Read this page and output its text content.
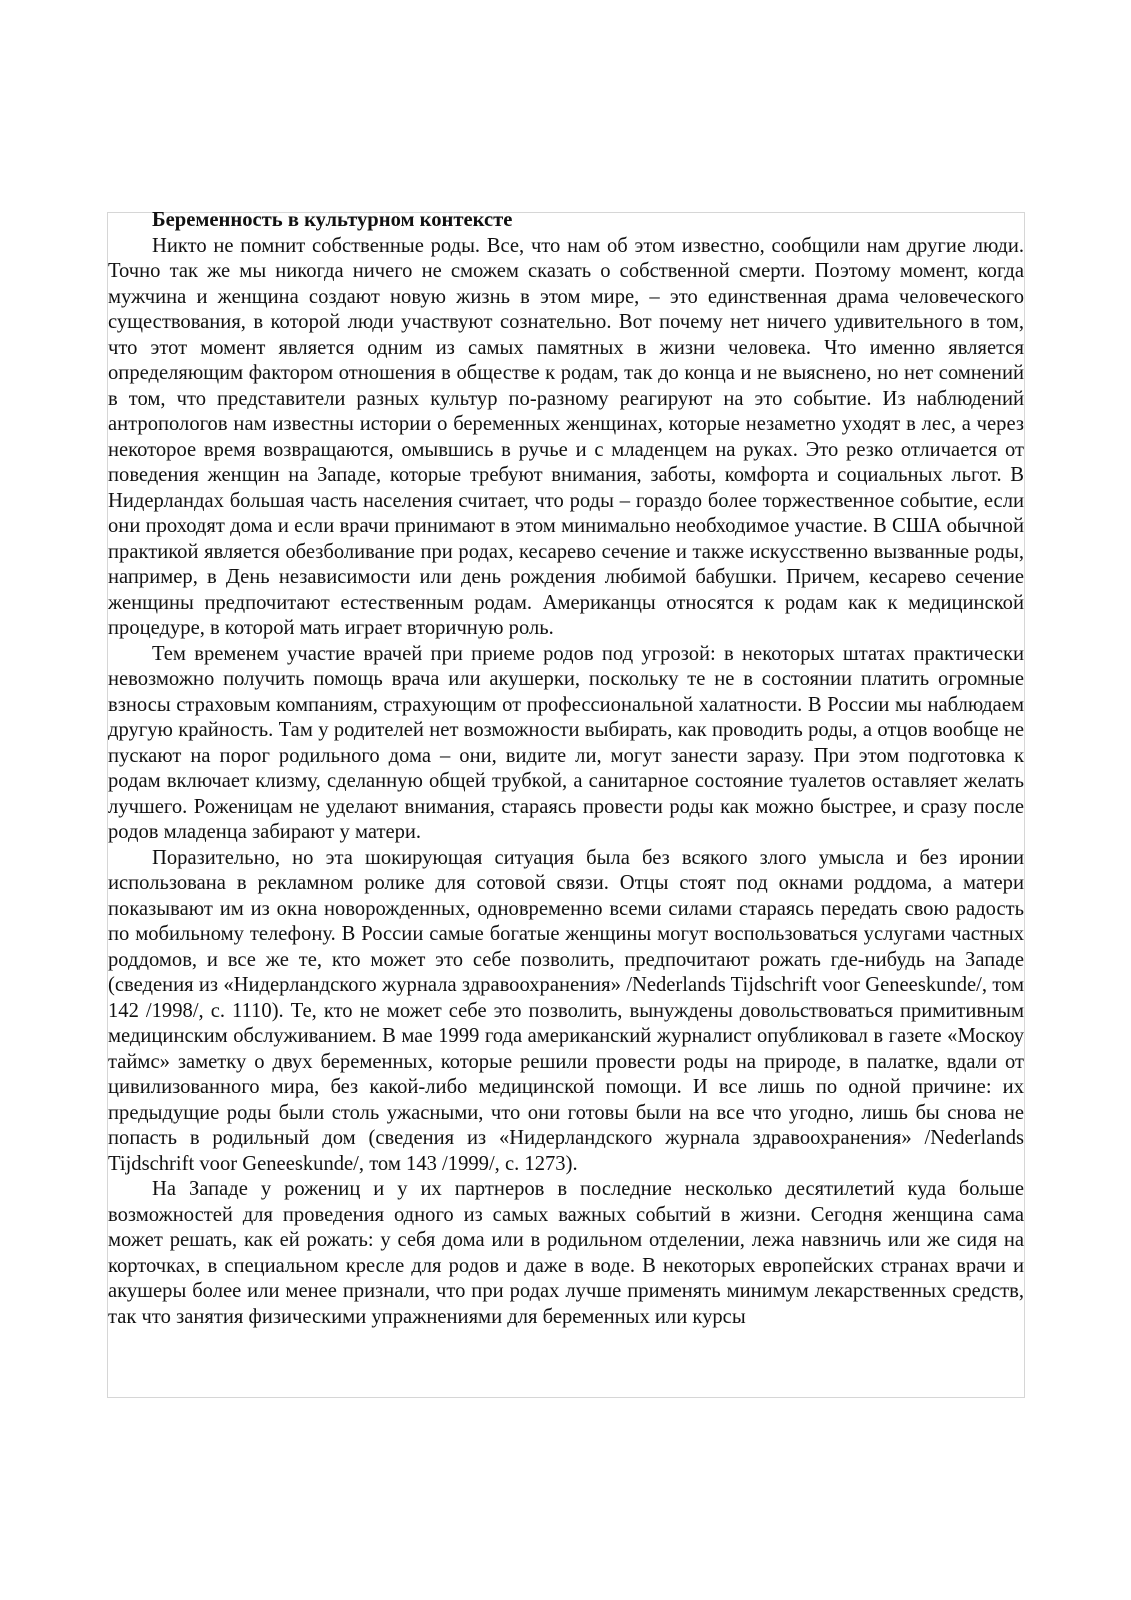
Беременность в культурном контексте

Никто не помнит собственные роды. Все, что нам об этом известно, сообщили нам другие люди. Точно так же мы никогда ничего не сможем сказать о собственной смерти. Поэтому момент, когда мужчина и женщина создают новую жизнь в этом мире, – это единственная драма человеческого существования, в которой люди участвуют сознательно. Вот почему нет ничего удивительного в том, что этот момент является одним из самых памятных в жизни человека. Что именно является определяющим фактором отношения в обществе к родам, так до конца и не выяснено, но нет сомнений в том, что представители разных культур по-разному реагируют на это событие. Из наблюдений антропологов нам известны истории о беременных женщинах, которые незаметно уходят в лес, а через некоторое время возвращаются, омывшись в ручье и с младенцем на руках. Это резко отличается от поведения женщин на Западе, которые требуют внимания, заботы, комфорта и социальных льгот. В Нидерландах большая часть населения считает, что роды – гораздо более торжественное событие, если они проходят дома и если врачи принимают в этом минимально необходимое участие. В США обычной практикой является обезболивание при родах, кесарево сечение и также искусственно вызванные роды, например, в День независимости или день рождения любимой бабушки. Причем, кесарево сечение женщины предпочитают естественным родам. Американцы относятся к родам как к медицинской процедуре, в которой мать играет вторичную роль.

Тем временем участие врачей при приеме родов под угрозой: в некоторых штатах практически невозможно получить помощь врача или акушерки, поскольку те не в состоянии платить огромные взносы страховым компаниям, страхующим от профессиональной халатности. В России мы наблюдаем другую крайность. Там у родителей нет возможности выбирать, как проводить роды, а отцов вообще не пускают на порог родильного дома – они, видите ли, могут занести заразу. При этом подготовка к родам включает клизму, сделанную общей трубкой, а санитарное состояние туалетов оставляет желать лучшего. Роженицам не уделают внимания, стараясь провести роды как можно быстрее, и сразу после родов младенца забирают у матери.

Поразительно, но эта шокирующая ситуация была без всякого злого умысла и без иронии использована в рекламном ролике для сотовой связи. Отцы стоят под окнами роддома, а матери показывают им из окна новорожденных, одновременно всеми силами стараясь передать свою радость по мобильному телефону. В России самые богатые женщины могут воспользоваться услугами частных роддомов, и все же те, кто может это себе позволить, предпочитают рожать где-нибудь на Западе (сведения из «Нидерландского журнала здравоохранения» /Nederlands Tijdschrift voor Geneeskunde/, том 142 /1998/, с. 1110). Те, кто не может себе это позволить, вынуждены довольствоваться примитивным медицинским обслуживанием. В мае 1999 года американский журналист опубликовал в газете «Москоу таймс» заметку о двух беременных, которые решили провести роды на природе, в палатке, вдали от цивилизованного мира, без какой-либо медицинской помощи. И все лишь по одной причине: их предыдущие роды были столь ужасными, что они готовы были на все что угодно, лишь бы снова не попасть в родильный дом (сведения из «Нидерландского журнала здравоохранения» /Nederlands Tijdschrift voor Geneeskunde/, том 143 /1999/, с. 1273).

На Западе у рожениц и у их партнеров в последние несколько десятилетий куда больше возможностей для проведения одного из самых важных событий в жизни. Сегодня женщина сама может решать, как ей рожать: у себя дома или в родильном отделении, лежа навзничь или же сидя на корточках, в специальном кресле для родов и даже в воде. В некоторых европейских странах врачи и акушеры более или менее признали, что при родах лучше применять минимум лекарственных средств, так что занятия физическими упражнениями для беременных или курсы
